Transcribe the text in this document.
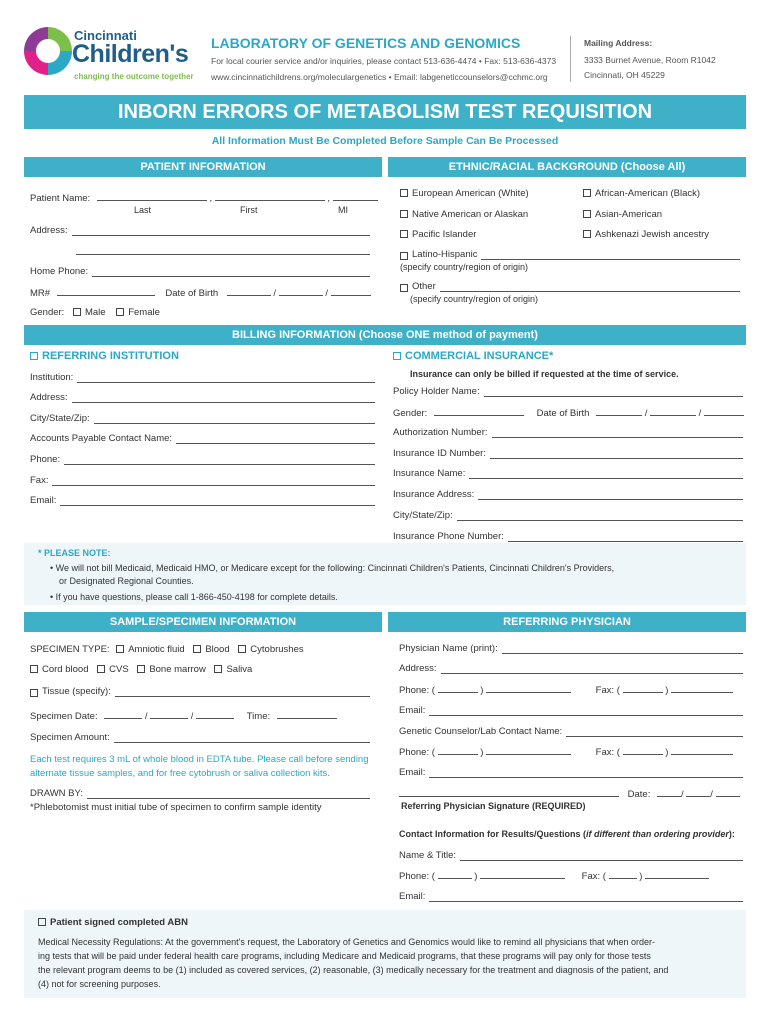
Cincinnati
Children's
changing the outcome together
LABORATORY OF GENETICS AND GENOMICS
For local courier service and/or inquiries, please contact 513-636-4474 • Fax: 513-636-4373
www.cincinnatichildrens.org/moleculargenetics • Email: labgeneticcounselors@cchmc.org
Mailing Address:
3333 Burnet Avenue, Room R1042
Cincinnati, OH 45229
INBORN ERRORS OF METABOLISM TEST REQUISITION
All Information Must Be Completed Before Sample Can Be Processed
PATIENT INFORMATION	ETHNIC/RACIAL BACKGROUND (Choose All)
Patient Name:	,	,
Last	First	MI
Address:
Home Phone:
MR#	Date of Birth	/	/
Gender: Male Female
European American (White)	African-American (Black)
Native American or Alaskan	Asian-American
Pacific Islander	Ashkenazi Jewish ancestry
Latino-Hispanic
(specify country/region of origin)
Other
(specify country/region of origin)
BILLING INFORMATION (Choose ONE method of payment)
REFERRING INSTITUTION
Institution:
Address:
City/State/Zip:
Accounts Payable Contact Name:
Phone:
Fax:
Email:
COMMERCIAL INSURANCE*
Insurance can only be billed if requested at the time of service.
Policy Holder Name:
Gender:	Date of Birth	/	/
Authorization Number:
Insurance ID Number:
Insurance Name:
Insurance Address:
City/State/Zip:
Insurance Phone Number:
* PLEASE NOTE:
• We will not bill Medicaid, Medicaid HMO, or Medicare except for the following: Cincinnati Children's Patients, Cincinnati Children's Providers,
or Designated Regional Counties.
• If you have questions, please call 1-866-450-4198 for complete details.
SAMPLE/SPECIMEN INFORMATION	REFERRING PHYSICIAN
SPECIMEN TYPE: Amniotic fluid Blood Cytobrushes
Cord blood CVS Bone marrow Saliva
Tissue (specify):
Specimen Date:	/	/	Time:
Specimen Amount:
Each test requires 3 mL of whole blood in EDTA tube. Please call before sending
alternate tissue samples, and for free cytobrush or saliva collection kits.
DRAWN BY:
*Phlebotomist must initial tube of specimen to confirm sample identity
Physician Name (print):
Address:
Phone: (	)	Fax: (	)
Email:
Genetic Counselor/Lab Contact Name:
Phone: (	)	Fax: (	)
Email:
Date:	/	/
Referring Physician Signature (REQUIRED)
Contact Information for Results/Questions (if different than ordering provider):
Name & Title:
Phone: (	)	Fax: (	)
Email:
Patient signed completed ABN
Medical Necessity Regulations: At the government's request, the Laboratory of Genetics and Genomics would like to remind all physicians that when order-
ing tests that will be paid under federal health care programs, including Medicare and Medicaid programs, that these programs will pay only for those tests
the relevant program deems to be (1) included as covered services, (2) reasonable, (3) medically necessary for the treatment and diagnosis of the patient, and
(4) not for screening purposes.
